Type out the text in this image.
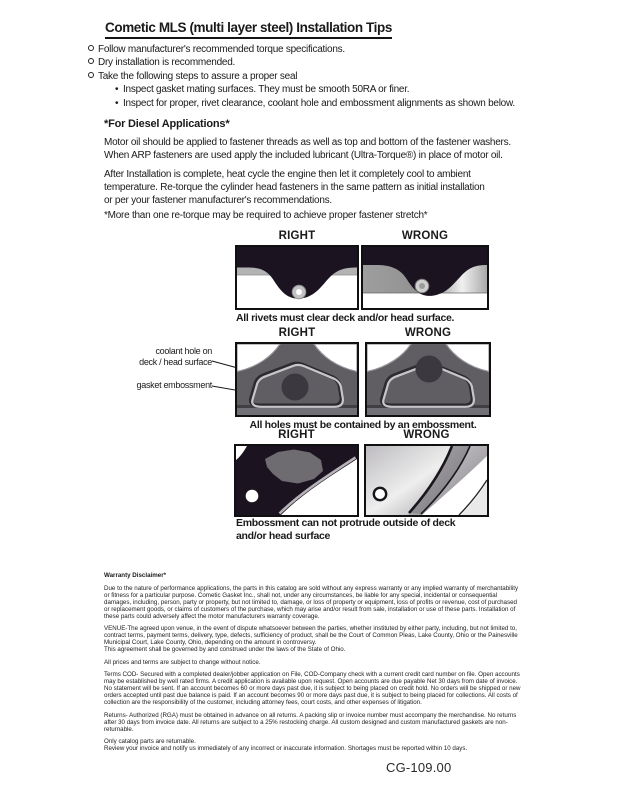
Cometic MLS (multi layer steel) Installation Tips
Follow manufacturer's recommended torque specifications.
Dry installation is recommended.
Take the following steps to assure a proper seal
• Inspect gasket mating surfaces. They must be smooth 50RA or finer.
• Inspect for proper, rivet clearance, coolant hole and embossment alignments as shown below.
*For Diesel Applications*
Motor oil should be applied to fastener threads as well as top and bottom of the fastener washers.
When ARP fasteners are used apply the included lubricant (Ultra-Torque®) in place of motor oil.
After Installation is complete, heat cycle the engine then let it completely cool to ambient
temperature. Re-torque the cylinder head fasteners in the same pattern as initial installation
or per your fastener manufacturer's recommendations.
*More than one re-torque may be required to achieve proper fastener stretch*
RIGHT	WRONG
All rivets must clear deck and/or head surface.
RIGHT	WRONG
coolant hole on
deck / head surface
gasket embossment
All holes must be contained by an embossment.
RIGHT	WRONG
Embossment can not protrude outside of deck
and/or head surface

Warranty Disclaimer*

Due to the nature of performance applications, the parts in this catalog are sold without any express warranty or any implied warranty of merchantability or fitness for a particular purpose. Cometic Gasket Inc., shall not, under any circumstances, be liable for any special, incidental or consequential damages, including, person, party or property, but not limited to, damage, or loss of property or equipment, loss of profits or revenue, cost of purchased or replacement goods, or claims of customers of the purchase, which may arise and/or result from sale, installation or use of these parts. Installation of these parts could adversely affect the motor manufacturers warranty coverage.

VENUE-The agreed upon venue, in the event of dispute whatsoever between the parties, whether instituted by either party, including, but not limited to, contract terms, payment terms, delivery, type, defects, sufficiency of product, shall be the Court of Common Pleas, Lake County, Ohio or the Painesville Municipal Court, Lake County, Ohio, depending on the amount in controversy.
This agreement shall be governed by and construed under the laws of the State of Ohio.

All prices and terms are subject to change without notice.

Terms COD- Secured with a completed dealer/jobber application on File, COD-Company check with a current credit card number on file. Open accounts may be established by well rated firms. A credit application is available upon request. Open accounts are due payable Net 30 days from date of invoice. No statement will be sent. If an account becomes 60 or more days past due, it is subject to being placed on credit hold. No orders will be shipped or new orders accepted until past due balance is paid. If an account becomes 90 or more days past due, it is subject to being placed for collections. All costs of collection are the responsibility of the customer, including attorney fees, court costs, and other expenses of litigation.

Returns- Authorized (RGA) must be obtained in advance on all returns. A packing slip or invoice number must accompany the merchandise. No returns after 30 days from invoice date. All returns are subject to a 25% restocking charge. All custom designed and custom manufactured gaskets are non-returnable.

Only catalog parts are returnable.
Review your invoice and notify us immediately of any incorrect or inaccurate information. Shortages must be reported within 10 days.

CG-109.00
